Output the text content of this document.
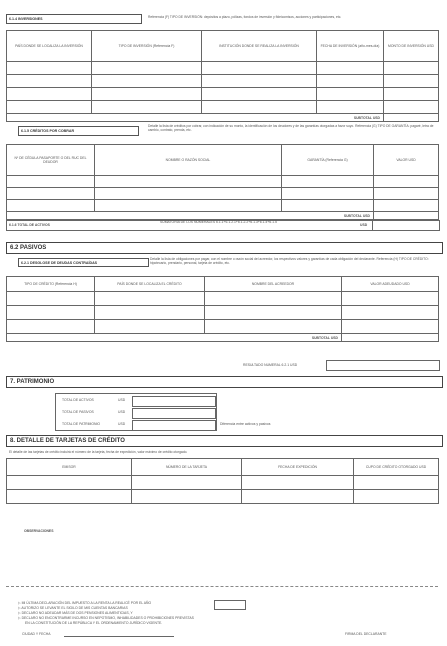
6.1.4 INVERSIONES	Referencia (F) TIPO DE INVERSIÓN: depósitos a plazo, pólizas, fondos de inversión y fideicomisos, acciones y participaciones, etc.
PAÍS DONDE SE LOCALIZA LA INVERSIÓN	TIPO DE INVERSIÓN (Referencia F)	INSTITUCIÓN DONDE SE REALIZA LA INVERSIÓN	FECHA DE INVERSIÓN (año-mes-día)	MONTO DE INVERSIÓN USD

SUBTOTAL USD				
6.1.5 CRÉDITOS POR COBRAR
Detalle la lista de créditos por cobrar, con indicación de su monto, la identificación de los deudores y de las garantías otorgadas a favor suyo. Referencia (G) TIPO DE GARANTÍA: pagaré, letra de cambio, contrato, prenda, etc.
Nº DE CÉDULA PASAPORTE O DEL RUC DEL DEUDOR	NOMBRE O RAZÓN SOCIAL	GARANTÍA (Referencia G)	VALOR USD

SUBTOTAL USD			
6.1.6 TOTAL DE ACTIVOS
SUMATORIA DE LOS NUMERALES 6.1.1+6.1.2.1+6.1.2.2+6.1.3+6.1.4+6.1.5
USD
6.2 PASIVOS
6.2.1 DESGLOSE DE DEUDAS CONTRAÍDAS
Detalle la lista de obligaciones por pagar, con el nombre o razón social del acreedor, los respectivos valores y garantías de cada obligación del declarante. Referencia (H) TIPO DE CRÉDITO: hipotecario, prendario, personal, tarjeta de crédito, etc.
TIPO DE CRÉDITO (Referencia H)	PAÍS DONDE SE LOCALIZA EL CRÉDITO	NOMBRE DEL ACREEDOR	VALOR ADEUDADO USD

SUBTOTAL USD			
RESULTADO NUMERAL 6.2.1 USD
7. PATRIMONIO
TOTAL DE ACTIVOS	USD
TOTAL DE PASIVOS	USD
TOTAL DE PATRIMONIO	USD	Diferencia entre activos y pasivos
8. DETALLE DE TARJETAS DE CRÉDITO
El detalle de las tarjetas de crédito incluirá el número de la tarjeta, fecha de expedición, valor máximo de crédito otorgado.
EMISOR	NÚMERO DE LA TARJETA	FECHA DE EXPEDICIÓN	CUPO DE CRÉDITO OTORGADO USD

OBSERVACIONES
▷ MI ÚLTIMA DECLARACIÓN DEL IMPUESTO A LA RENTA LA REALICÉ POR EL AÑO
▷ AUTORIZO SE LEVANTE EL SIGILO DE MIS CUENTAS BANCARIAS
▷ DECLARO NO ADEUDAR MÁS DE DOS PENSIONES ALIMENTICIAS, Y
▷ DECLARO NO ENCONTRARME INCURSO EN NEPOTISMO, INHABILIDADES O PROHIBICIONES PREVISTAS
EN LA CONSTITUCIÓN DE LA REPÚBLICA Y EL ORDENAMIENTO JURÍDICO VIGENTE.
CIUDAD Y FECHA	FIRMA DEL DECLARANTE
